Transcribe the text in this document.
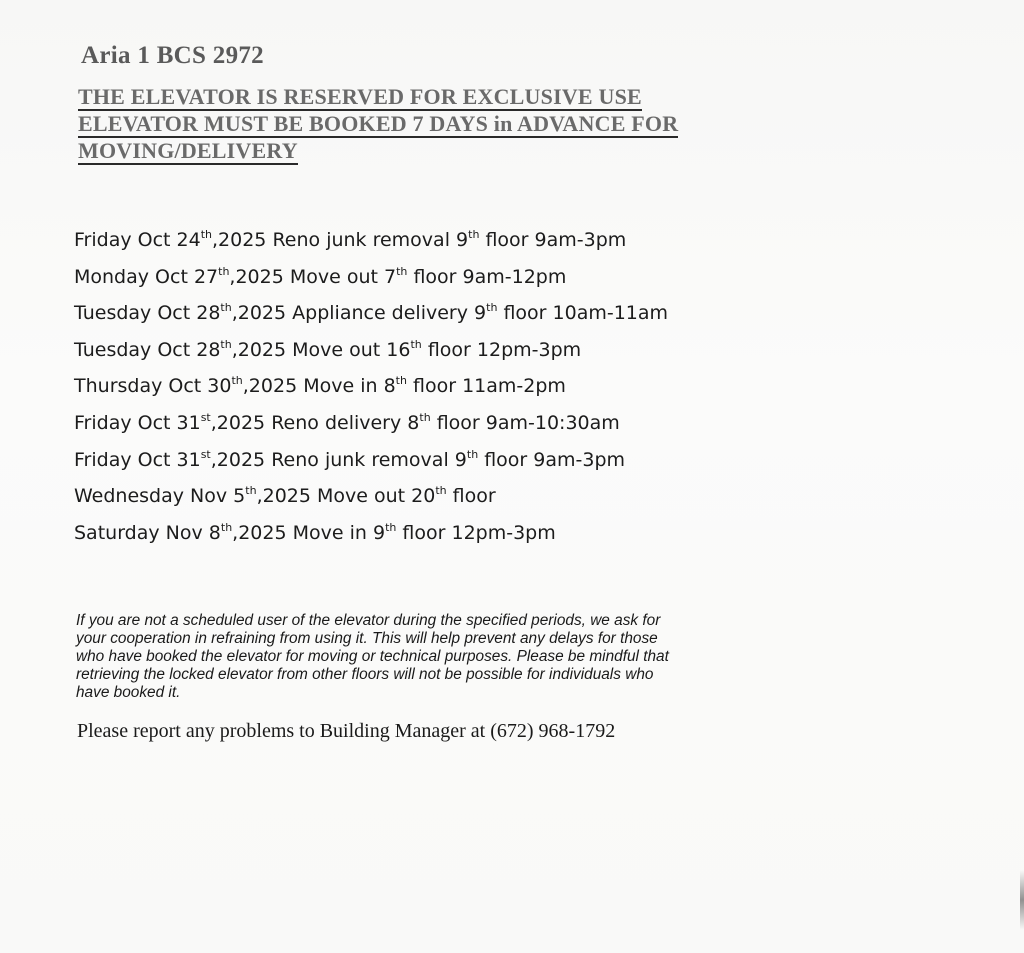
Aria 1 BCS 2972
THE ELEVATOR IS RESERVED FOR EXCLUSIVE USE
ELEVATOR MUST BE BOOKED 7 DAYS in ADVANCE FOR
MOVING/DELIVERY
Friday Oct 24th,2025 Reno junk removal 9th floor 9am-3pm
Monday Oct 27th,2025 Move out 7th floor 9am-12pm
Tuesday Oct 28th,2025 Appliance delivery 9th floor 10am-11am
Tuesday Oct 28th,2025 Move out 16th floor 12pm-3pm
Thursday Oct 30th,2025 Move in 8th floor 11am-2pm
Friday Oct 31st,2025 Reno delivery 8th floor 9am-10:30am
Friday Oct 31st,2025 Reno junk removal 9th floor 9am-3pm
Wednesday Nov 5th,2025 Move out 20th floor
Saturday Nov 8th,2025 Move in 9th floor 12pm-3pm

If you are not a scheduled user of the elevator during the specified periods, we ask for
your cooperation in refraining from using it. This will help prevent any delays for those
who have booked the elevator for moving or technical purposes. Please be mindful that
retrieving the locked elevator from other floors will not be possible for individuals who
have booked it.

Please report any problems to Building Manager at (672) 968-1792
